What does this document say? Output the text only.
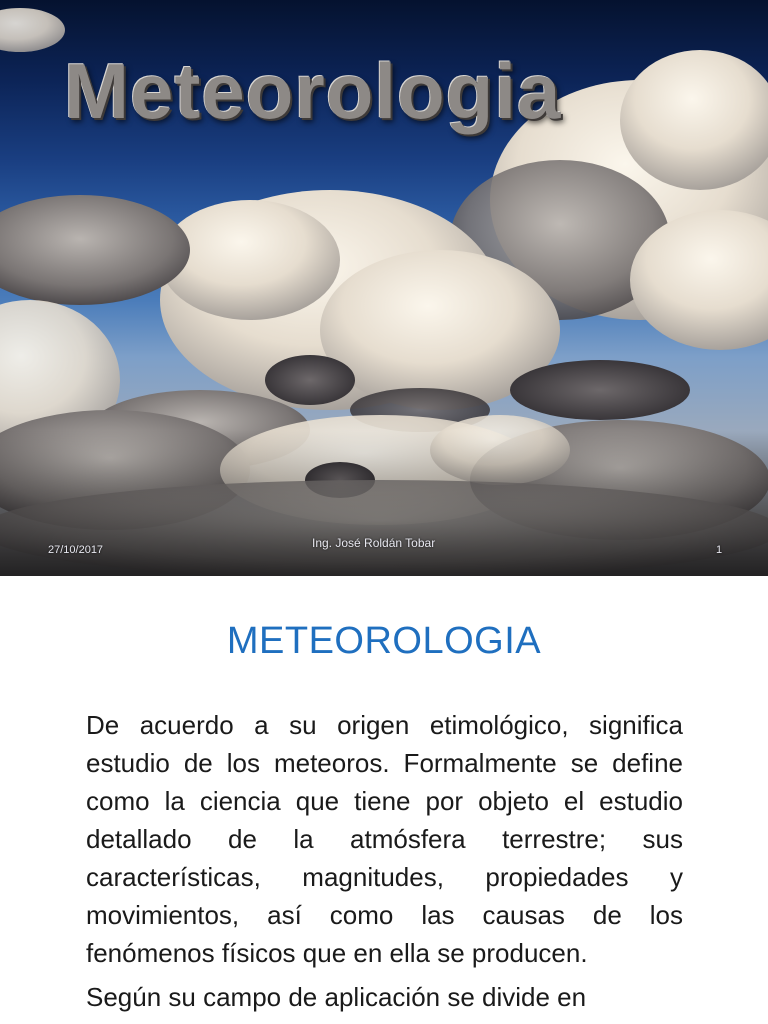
Meteorologia
27/10/2017	Ing. José Roldán Tobar	1
METEOROLOGIA

De acuerdo a su origen etimológico, significa estudio de los meteoros. Formalmente se define como la ciencia que tiene por objeto el estudio detallado de la atmósfera terrestre; sus características, magnitudes, propiedades y movimientos, así como las causas de los fenómenos físicos que en ella se producen.

Según su campo de aplicación se divide en
